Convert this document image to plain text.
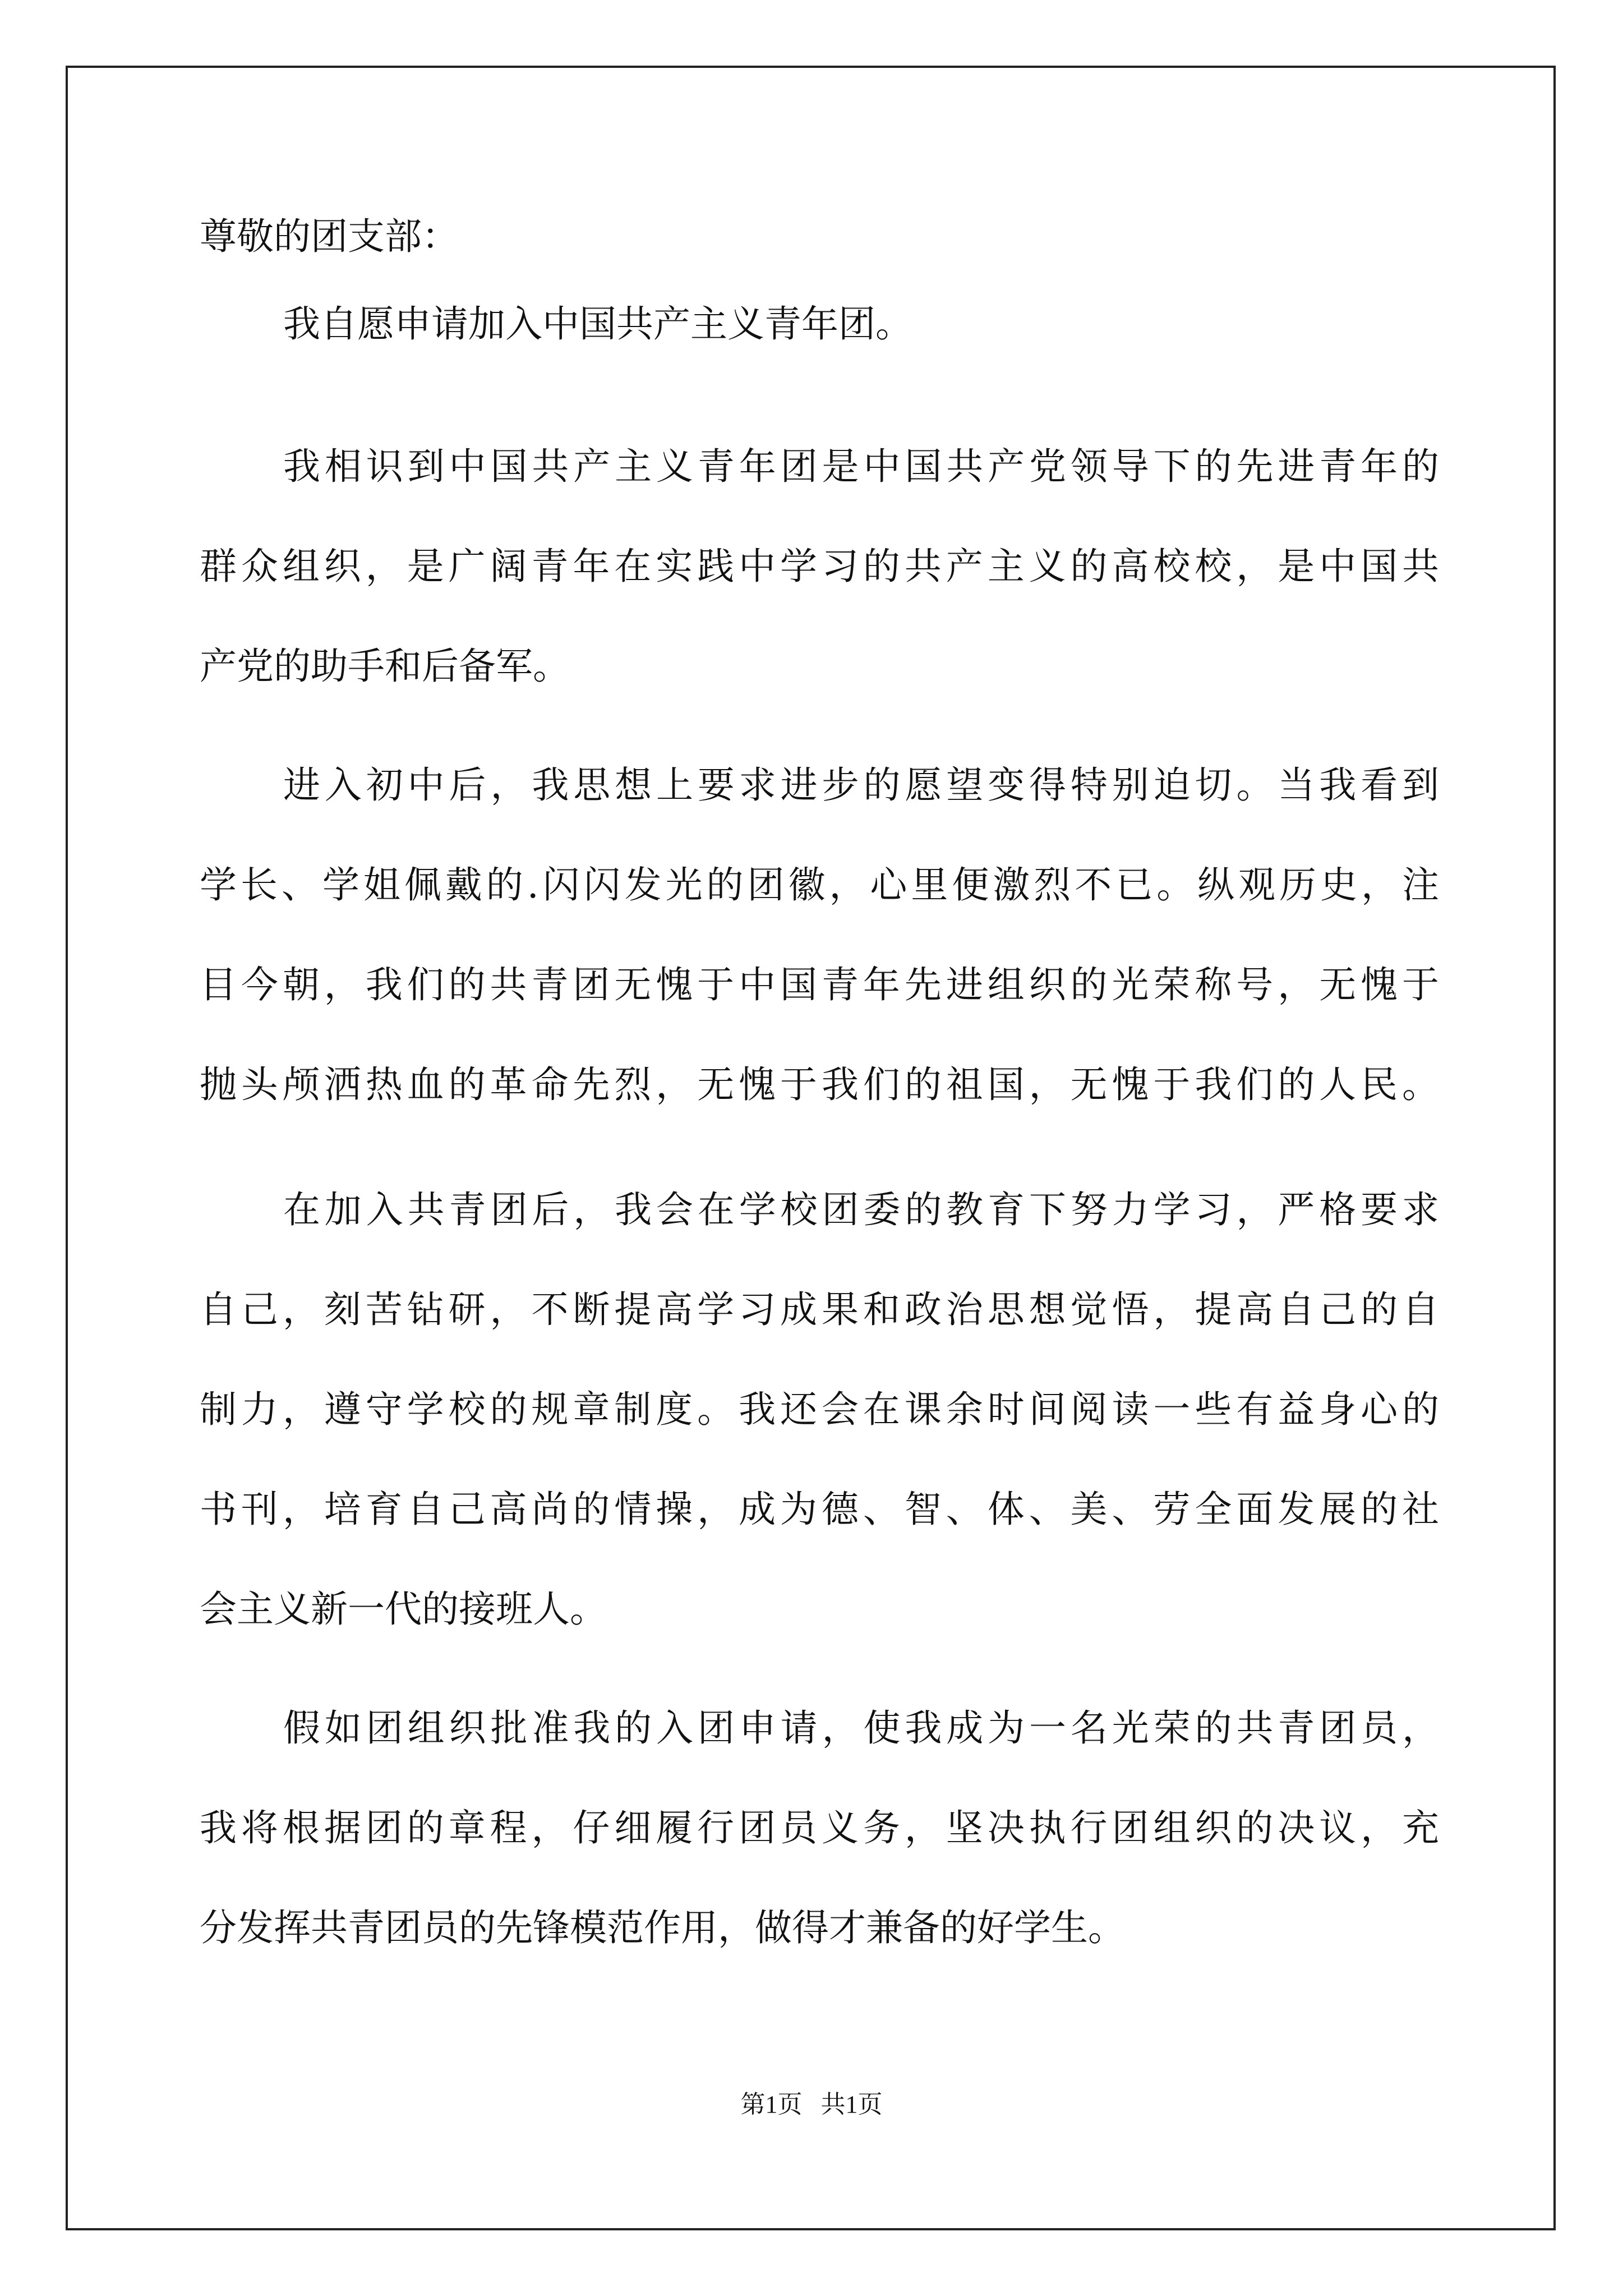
尊敬的团支部：
我自愿申请加入中国共产主义青年团。
我相识到中国共产主义青年团是中国共产党领导下的先进青年的
群众组织，是广阔青年在实践中学习的共产主义的高校校，是中国共
产党的助手和后备军。
进入初中后，我思想上要求进步的愿望变得特别迫切。当我看到
学长、学姐佩戴的.闪闪发光的团徽，心里便激烈不已。纵观历史，注
目今朝，我们的共青团无愧于中国青年先进组织的光荣称号，无愧于
抛头颅洒热血的革命先烈，无愧于我们的祖国，无愧于我们的人民。
在加入共青团后，我会在学校团委的教育下努力学习，严格要求
自己，刻苦钻研，不断提高学习成果和政治思想觉悟，提高自己的自
制力，遵守学校的规章制度。我还会在课余时间阅读一些有益身心的
书刊，培育自己高尚的情操，成为德、智、体、美、劳全面发展的社
会主义新一代的接班人。
假如团组织批准我的入团申请，使我成为一名光荣的共青团员，
我将根据团的章程，仔细履行团员义务，坚决执行团组织的决议，充
分发挥共青团员的先锋模范作用，做得才兼备的好学生。
第1页   共1页
